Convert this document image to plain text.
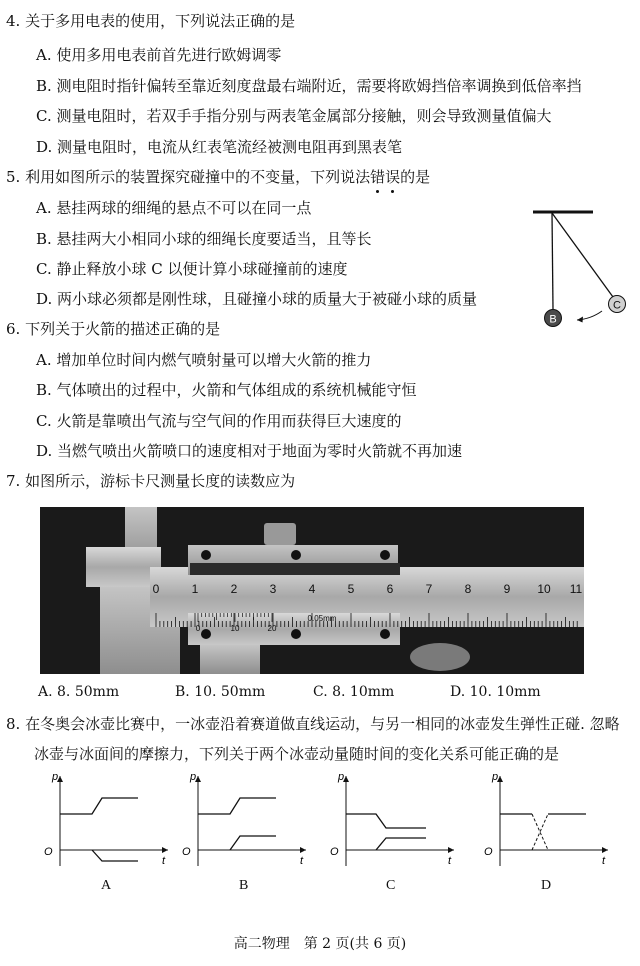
4. 关于多用电表的使用，下列说法正确的是
A. 使用多用电表前首先进行欧姆调零
B. 测电阻时指针偏转至靠近刻度盘最右端附近，需要将欧姆挡倍率调换到低倍率挡
C. 测量电阻时，若双手手指分别与两表笔金属部分接触，则会导致测量值偏大
D. 测量电阻时，电流从红表笔流经被测电阻再到黑表笔
5. 利用如图所示的装置探究碰撞中的不变量，下列说法错
误
的是
A. 悬挂两球的细绳的悬点不可以在同一点
B. 悬挂两大小相同小球的细绳长度要适当，且等长
C. 静止释放小球 C 以便计算小球碰撞前的速度
D. 两小球必须都是刚性球，且碰撞小球的质量大于被碰小球的质量
B
C
6. 下列关于火箭的描述正确的是
A. 增加单位时间内燃气喷射量可以增大火箭的推力
B. 气体喷出的过程中，火箭和气体组成的系统机械能守恒
C. 火箭是靠喷出气流与空气间的作用而获得巨大速度的
D. 当燃气喷出火箭喷口的速度相对于地面为零时火箭就不再加速
7. 如图所示，游标卡尺测量长度的读数应为
0	1	2	3	4	5	6	7	8	9 10 11
0	10	20
0.05mm
A. 8. 50mm	B. 10. 50mm	C. 8. 10mm	D. 10. 10mm
8. 在冬奥会冰壶比赛中，一冰壶沿着赛道做直线运动，与另一相同的冰壶发生弹性正碰. 忽略
冰壶与冰面间的摩擦力，下列关于两个冰壶动量随时间的变化关系可能正确的是
p
t
O
p
t
O
p
t
O
p
t
O
A	B	C	D
高二物理　第 2 页(共 6 页)
